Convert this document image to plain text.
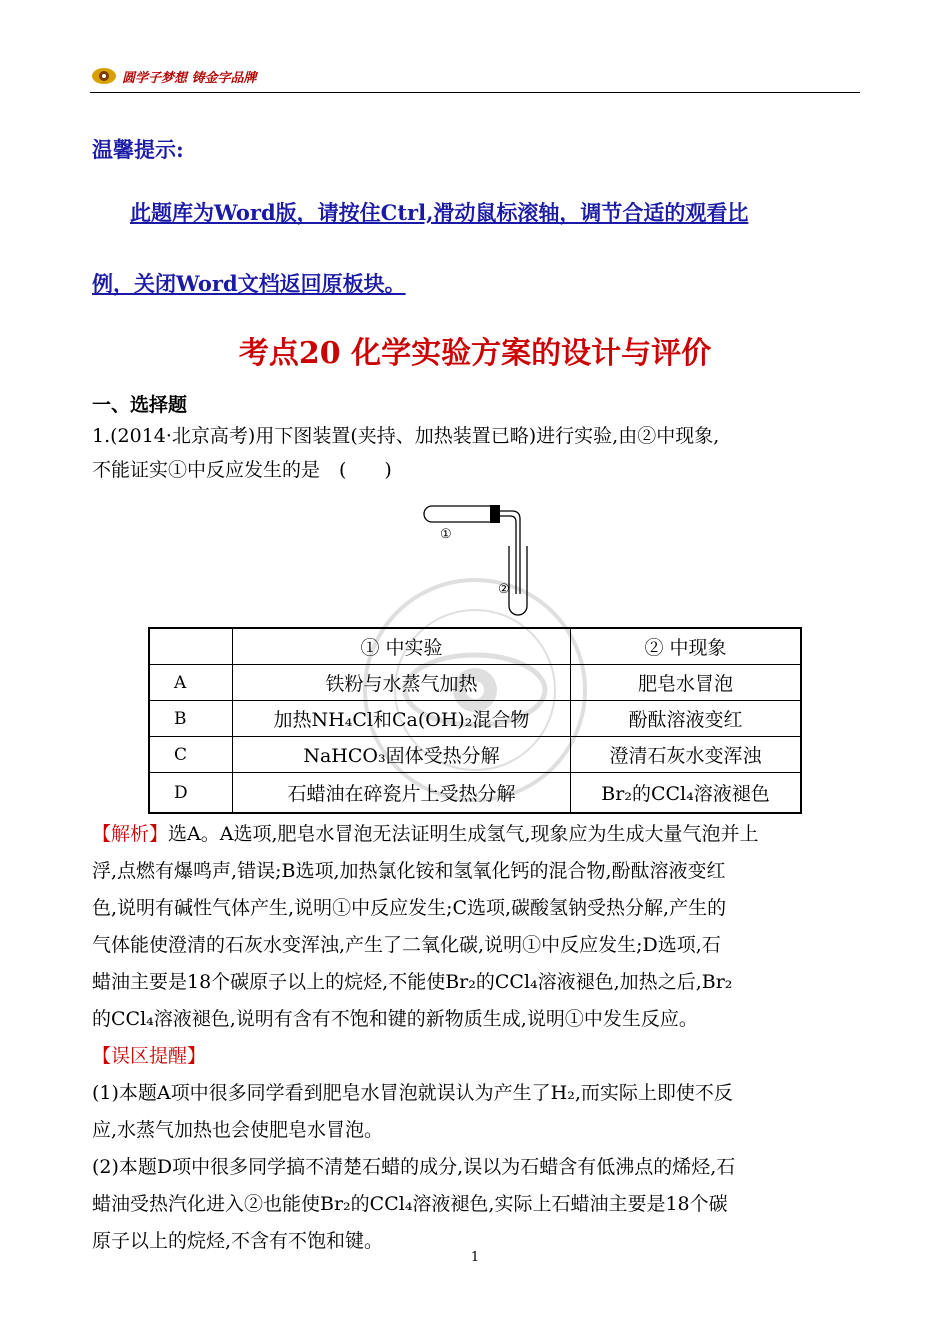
圆学子梦想 铸金字品牌
温馨提示:
此题库为Word版，请按住Ctrl,滑动鼠标滚轴，调节合适的观看比
例，关闭Word文档返回原板块。
考点20 化学实验方案的设计与评价
一、选择题
1.(2014·北京高考)用下图装置(夹持、加热装置已略)进行实验,由②中现象,
不能证实①中反应发生的是　(　　)
①
②
	① 中实验	② 中现象
A	铁粉与水蒸气加热	肥皂水冒泡
B	加热NH₄Cl和Ca(OH)₂混合物	酚酞溶液变红
C	NaHCO₃固体受热分解	澄清石灰水变浑浊
D	石蜡油在碎瓷片上受热分解	Br₂的CCl₄溶液褪色
【解析】选A。A选项,肥皂水冒泡无法证明生成氢气,现象应为生成大量气泡并上
浮,点燃有爆鸣声,错误;B选项,加热氯化铵和氢氧化钙的混合物,酚酞溶液变红
色,说明有碱性气体产生,说明①中反应发生;C选项,碳酸氢钠受热分解,产生的
气体能使澄清的石灰水变浑浊,产生了二氧化碳,说明①中反应发生;D选项,石
蜡油主要是18个碳原子以上的烷烃,不能使Br₂的CCl₄溶液褪色,加热之后,Br₂
的CCl₄溶液褪色,说明有含有不饱和键的新物质生成,说明①中发生反应。
【误区提醒】
(1)本题A项中很多同学看到肥皂水冒泡就误认为产生了H₂,而实际上即使不反
应,水蒸气加热也会使肥皂水冒泡。
(2)本题D项中很多同学搞不清楚石蜡的成分,误以为石蜡含有低沸点的烯烃,石
蜡油受热汽化进入②也能使Br₂的CCl₄溶液褪色,实际上石蜡油主要是18个碳
原子以上的烷烃,不含有不饱和键。
1
